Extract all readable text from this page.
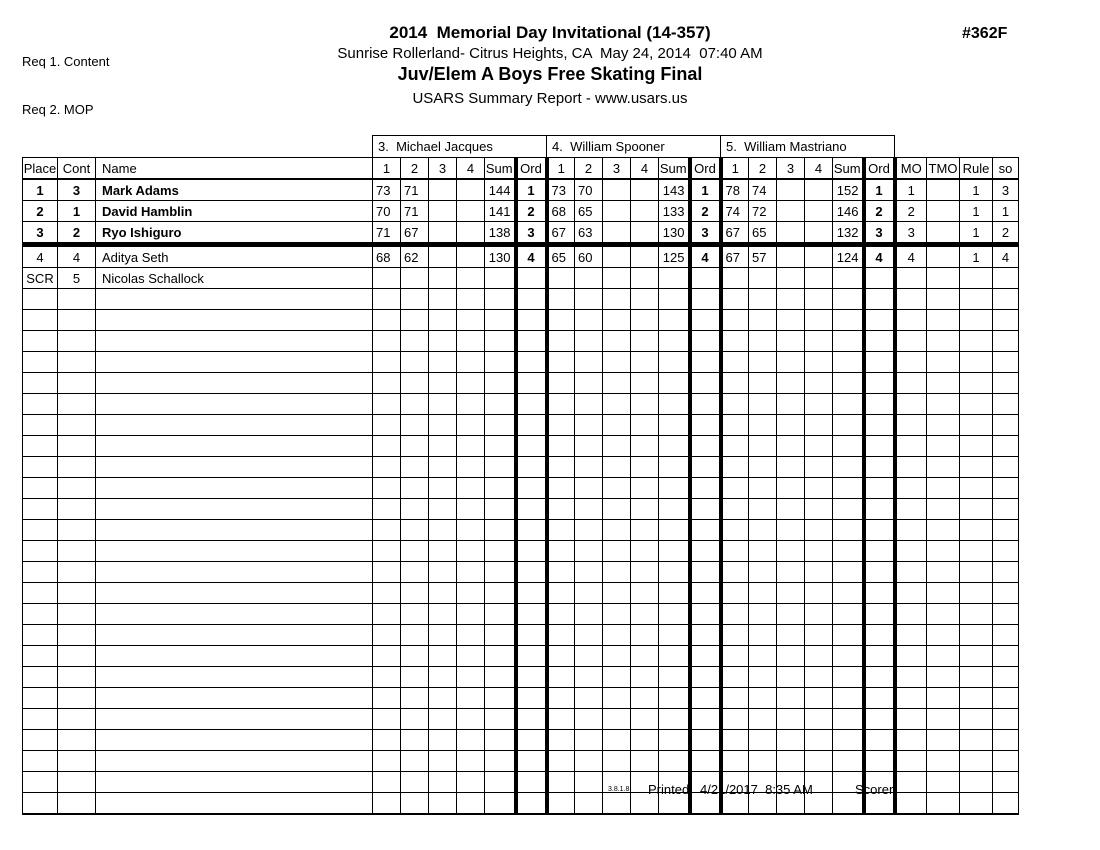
Req 1. Content

Req 2. MOP

2014  Memorial Day Invitational (14-357)
Sunrise Rollerland- Citrus Heights, CA  May 24, 2014  07:40 AM
Juv/Elem A Boys Free Skating Final
USARS Summary Report - www.usars.us
#362F
			3.  Michael Jacques						4.  William Spooner						5.  William Mastriano									
Place	Cont	Name	1	2	3	4	Sum	Ord	1	2	3	4	Sum	Ord	1	2	3	4	Sum	Ord	MO	TMO	Rule	so
1	3	Mark Adams	73	71			144	1	73	70			143	1	78	74			152	1	1		1	3
2	1	David Hamblin	70	71			141	2	68	65			133	2	74	72			146	2	2		1	1
3	2	Ryo Ishiguro	71	67			138	3	67	63			130	3	67	65			132	3	3		1	2
4	4	Aditya Seth	68	62			130	4	65	60			125	4	67	57			124	4	4		1	4
SCR	5	Nicolas Schallock																						

3.8.1.8 Printed:  4/21/2017  8:35 AM	Scorer:
